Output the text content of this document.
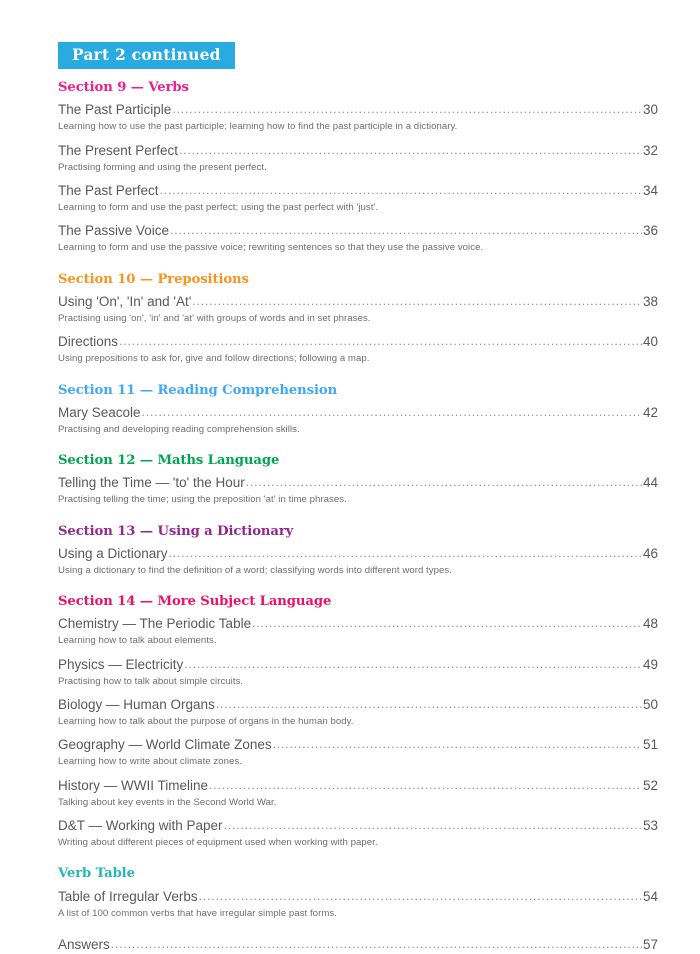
Part 2 continued
Section 9 — Verbs
The Past Participle .....	30
Learning how to use the past participle; learning how to find the past participle in a dictionary.
The Present Perfect .....	32
Practising forming and using the present perfect.
The Past Perfect .....	34
Learning to form and use the past perfect; using the past perfect with 'just'.
The Passive Voice .....	36
Learning to form and use the passive voice; rewriting sentences so that they use the passive voice.
Section 10 — Prepositions
Using 'On', 'In' and 'At' .....	38
Practising using 'on', 'in' and 'at' with groups of words and in set phrases.
Directions .....	40
Using prepositions to ask for, give and follow directions; following a map.
Section 11 — Reading Comprehension
Mary Seacole .....	42
Practising and developing reading comprehension skills.
Section 12 — Maths Language
Telling the Time — 'to' the Hour .....	44
Practising telling the time; using the preposition 'at' in time phrases.
Section 13 — Using a Dictionary
Using a Dictionary .....	46
Using a dictionary to find the definition of a word; classifying words into different word types.
Section 14 — More Subject Language
Chemistry — The Periodic Table .....	48
Learning how to talk about elements.
Physics — Electricity .....	49
Practising how to talk about simple circuits.
Biology — Human Organs .....	50
Learning how to talk about the purpose of organs in the human body.
Geography — World Climate Zones .....	51
Learning how to write about climate zones.
History — WWII Timeline .....	52
Talking about key events in the Second World War.
D&T — Working with Paper .....	53
Writing about different pieces of equipment used when working with paper.
Verb Table
Table of Irregular Verbs .....	54
A list of 100 common verbs that have irregular simple past forms.
Answers .....	57
